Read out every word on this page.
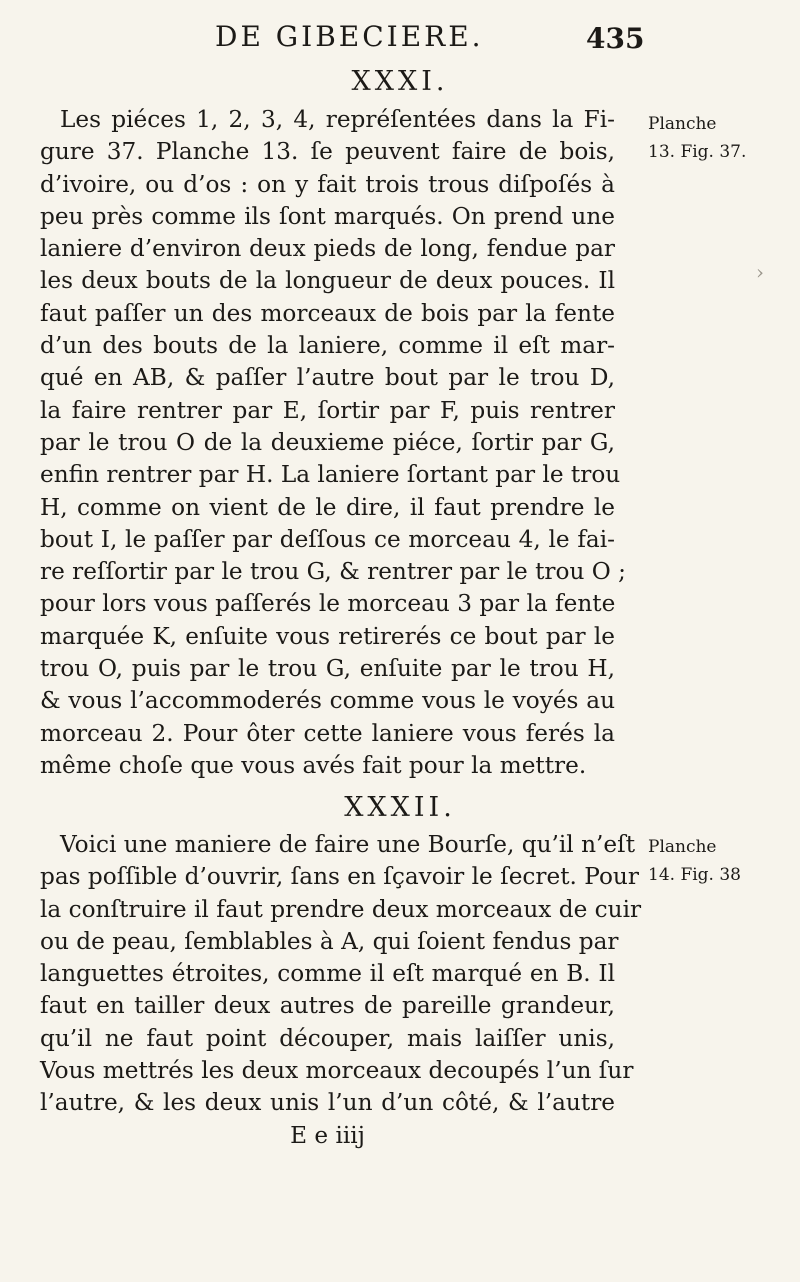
DE GIBECIERE.	435
XXXI.
Les piéces 1, 2, 3, 4, repréſentées dans la Fi-
gure 37. Planche 13. ſe peuvent faire de bois,
d’ivoire, ou d’os : on y fait trois trous diſpoſés à
peu près comme ils ſont marqués. On prend une
laniere d’environ deux pieds de long, fendue par
les deux bouts de la longueur de deux pouces. Il
faut paſſer un des morceaux de bois par la fente
d’un des bouts de la laniere, comme il eſt mar-
qué en AB, & paſſer l’autre bout par le trou D,
la faire rentrer par E, ſortir par F, puis rentrer
par le trou O de la deuxieme piéce, ſortir par G,
enfin rentrer par H. La laniere ſortant par le trou
H, comme on vient de le dire, il faut prendre le
bout I, le paſſer par deſſous ce morceau 4, le fai-
re reſſortir par le trou G, & rentrer par le trou O ;
pour lors vous paſſerés le morceau 3 par la fente
marquée K, enſuite vous retirerés ce bout par le
trou O, puis par le trou G, enſuite par le trou H,
& vous l’accommoderés comme vous le voyés au
morceau 2. Pour ôter cette laniere vous ferés la
même choſe que vous avés fait pour la mettre.
Planche
13. Fig. 37.
›
XXXII.
Voici une maniere de faire une Bourſe, qu’il n’eſt
pas poſſible d’ouvrir, ſans en ſçavoir le ſecret. Pour
la conſtruire il faut prendre deux morceaux de cuir
ou de peau, ſemblables à A, qui ſoient fendus par
languettes étroites, comme il eſt marqué en B. Il
faut en tailler deux autres de pareille grandeur,
qu’il ne faut point découper, mais laiſſer unis,
Vous mettrés les deux morceaux decoupés l’un ſur
l’autre, & les deux unis l’un d’un côté, & l’autre
E e iiij
Planche
14. Fig. 38
